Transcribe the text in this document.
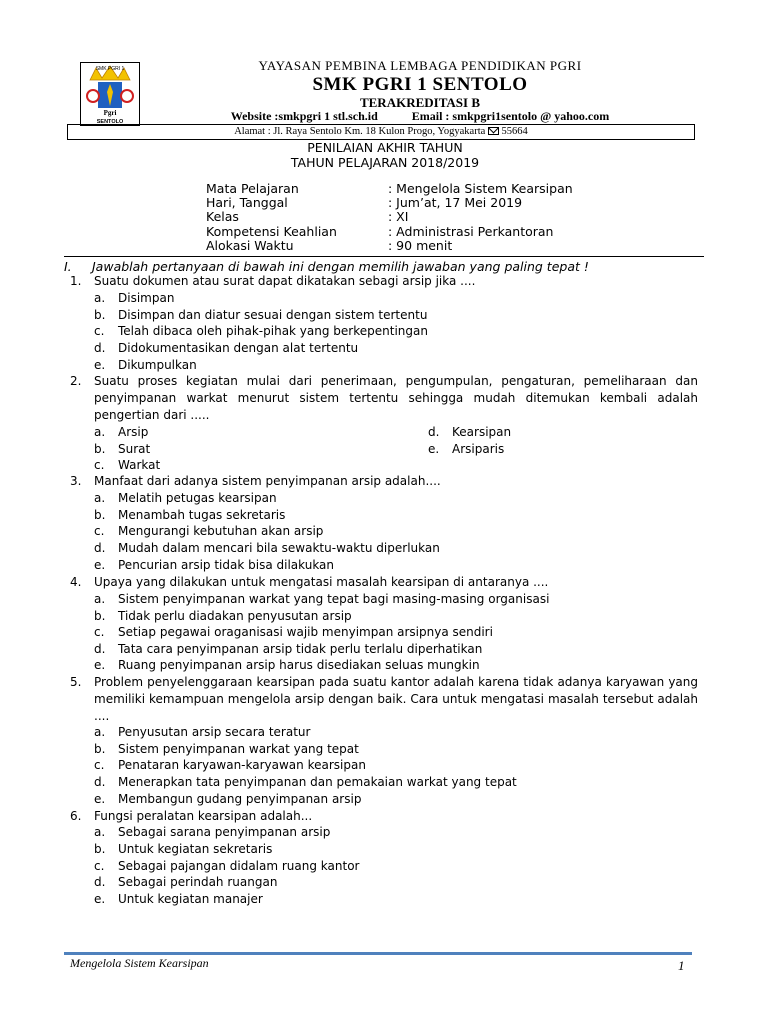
SMK PGRI 1
Pgri
SENTOLO
YAYASAN PEMBINA LEMBAGA PENDIDIKAN PGRI
SMK PGRI 1 SENTOLO
TERAKREDITASI B
Website :smkpgri 1 stl.sch.id	Email : smkpgri1sentolo @ yahoo.com
Alamat : Jl. Raya Sentolo Km. 18 Kulon Progo, Yogyakarta 55664
PENILAIAN AKHIR TAHUN
TAHUN PELAJARAN 2018/2019
Mata Pelajaran	: Mengelola Sistem Kearsipan
Hari, Tanggal	: Jum’at, 17 Mei 2019
Kelas	: XI
Kompetensi Keahlian	: Administrasi Perkantoran
Alokasi Waktu	: 90 menit
I. Jawablah pertanyaan di bawah ini dengan memilih jawaban yang paling tepat !
1. Suatu dokumen atau surat dapat dikatakan sebagi arsip jika ....
a. Disimpan
b. Disimpan dan diatur sesuai dengan sistem tertentu
c. Telah dibaca oleh pihak-pihak yang berkepentingan
d. Didokumentasikan dengan alat tertentu
e. Dikumpulkan
2. Suatu proses kegiatan mulai dari penerimaan, pengumpulan, pengaturan, pemeliharaan dan penyimpanan warkat menurut sistem tertentu sehingga mudah ditemukan kembali adalah pengertian dari .....
a. Arsip
b. Surat
c. Warkat
d. Kearsipan
e. Arsiparis
3. Manfaat dari adanya sistem penyimpanan arsip adalah....
a. Melatih petugas kearsipan
b. Menambah tugas sekretaris
c. Mengurangi kebutuhan akan arsip
d. Mudah dalam mencari bila sewaktu-waktu diperlukan
e. Pencurian arsip tidak bisa dilakukan
4. Upaya yang dilakukan untuk mengatasi masalah kearsipan di antaranya ....
a. Sistem penyimpanan warkat yang tepat bagi masing-masing organisasi
b. Tidak perlu diadakan penyusutan arsip
c. Setiap pegawai oraganisasi wajib menyimpan arsipnya sendiri
d. Tata cara penyimpanan arsip tidak perlu terlalu diperhatikan
e. Ruang penyimpanan arsip harus disediakan seluas mungkin
5. Problem penyelenggaraan kearsipan pada suatu kantor adalah karena tidak adanya karyawan yang memiliki kemampuan mengelola arsip dengan baik. Cara untuk mengatasi masalah tersebut adalah ....
a. Penyusutan arsip secara teratur
b. Sistem penyimpanan warkat yang tepat
c. Penataran karyawan-karyawan kearsipan
d. Menerapkan tata penyimpanan dan pemakaian warkat yang tepat
e. Membangun gudang penyimpanan arsip
6. Fungsi peralatan kearsipan adalah...
a. Sebagai sarana penyimpanan arsip
b. Untuk kegiatan sekretaris
c. Sebagai pajangan didalam ruang kantor
d. Sebagai perindah ruangan
e. Untuk kegiatan manajer
Mengelola Sistem Kearsipan	1
